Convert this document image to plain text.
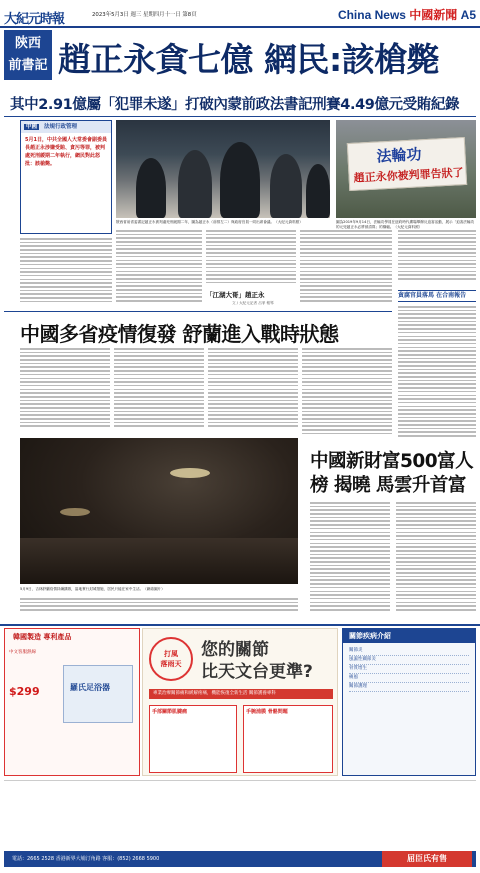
大紀元時報	2023年5月3日 週三 星期四月十一日 第8頁	China News 中國新聞 A5
陝西
前書記 趙正永貪七億 網民:該槍斃
其中2.91億屬「犯罪未遂」打破內蒙前政法書記刑賽4.49億元受賄紀錄
中國 法規行政管理
5月1日，中共全國人大常委會副委員長趙正永涉嫌受賄、貪污等罪，被判處死刑緩期二年執行，網民對此怒批：該槍斃。
陝西省前省委書記趙正永被判處死刑緩期二年，圖為趙正永（前排左二）與政府官員一同出席會議。（大紀元資料照）
法輪功
趙正永你被判罪告狀了
圖為2019年9月14日，法輪功學員在紐約時代廣場舉辦反迫害活動，展示「迫害法輪功的元兇趙正永必將被清算」的橫幅。（大紀元資料照）
「江湖大哥」趙正永
文 / 大紀元記者 呂菲 報導
貪腐官員落馬 在合南報告
中國多省疫情復發 舒蘭進入戰時狀態
5月9日，吉林舒蘭疫情持續擴散，當地實行封城措施，居民只能在家中生活。（網絡圖片）
中國新財富500富人榜 揭曉 馬雲升首富
韓國製造 專利產品
中文客服熱線
$299	羅氏足浴器
打風
落雨天
您的關節
比天文台更準?
專業治療關節痛和緩解疼痛，機能恢復全新生活 關節護養專科
手部關節肌腱痛	手腕浦膜 骨骼問題
關節疾病介紹
關節炎
風濕性關節炎
骨質增生
痛風
關節護理
電話：2665 2528 香港新界大埔汀角路 客服：(852) 2668 5900	屈臣氏有售
